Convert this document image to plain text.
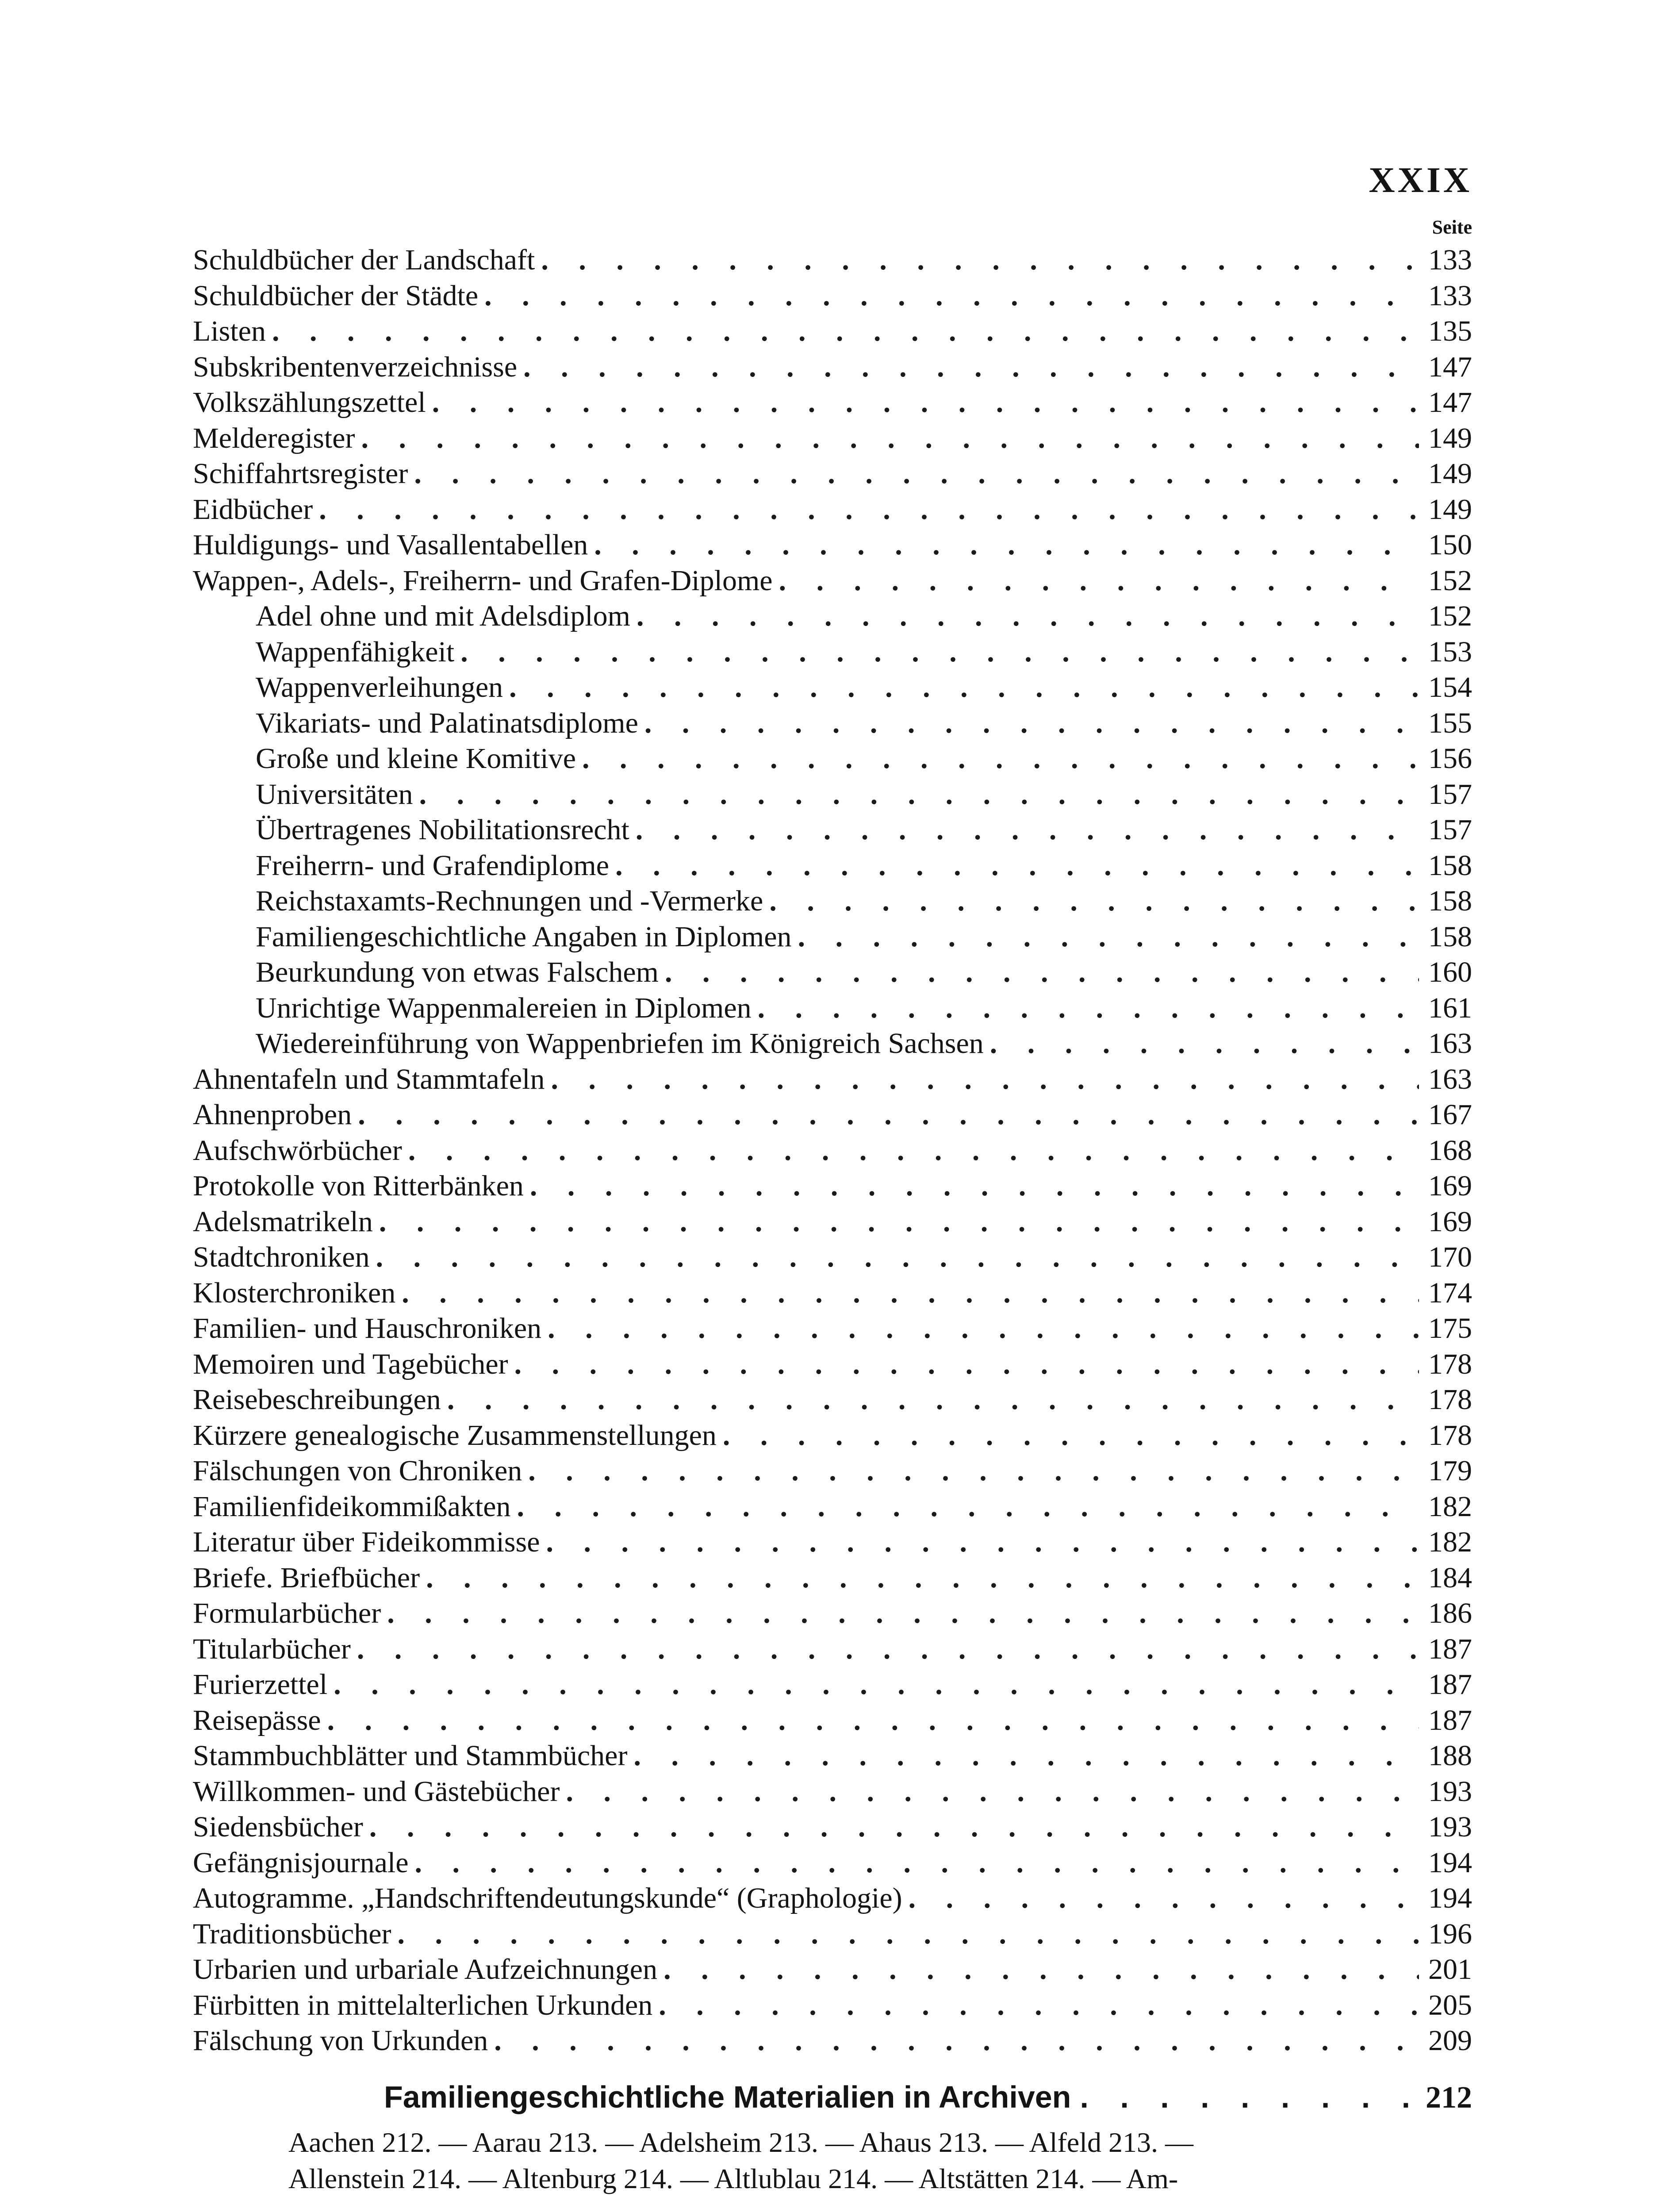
XXIX
Seite
Schuldbücher der Landschaft . . .	133
Schuldbücher der Städte . . .	133
Listen . . .	135
Subskribentenverzeichnisse . . .	147
Volkszählungszettel . . .	147
Melderegister . . .	149
Schiffahrtsregister . . .	149
Eidbücher . . .	149
Huldigungs- und Vasallentabellen . . .	150
Wappen-, Adels-, Freiherrn- und Grafen-Diplome . . .	152
Adel ohne und mit Adelsdiplom . . .	152
Wappenfähigkeit . . .	153
Wappenverleihungen . . .	154
Vikariats- und Palatinatsdiplome . . .	155
Große und kleine Komitive . . .	156
Universitäten . . .	157
Übertragenes Nobilitationsrecht . . .	157
Freiherrn- und Grafendiplome . . .	158
Reichstaxamts-Rechnungen und -Vermerke . . .	158
Familiengeschichtliche Angaben in Diplomen . . .	158
Beurkundung von etwas Falschem . . .	160
Unrichtige Wappenmalereien in Diplomen . . .	161
Wiedereinführung von Wappenbriefen im Königreich Sachsen . . .	163
Ahnentafeln und Stammtafeln . . .	163
Ahnenproben . . .	167
Aufschwörbücher . . .	168
Protokolle von Ritterbänken . . .	169
Adelsmatrikeln . . .	169
Stadtchroniken . . .	170
Klosterchroniken . . .	174
Familien- und Hauschroniken . . .	175
Memoiren und Tagebücher . . .	178
Reisebeschreibungen . . .	178
Kürzere genealogische Zusammenstellungen . . .	178
Fälschungen von Chroniken . . .	179
Familienfideikommißakten . . .	182
Literatur über Fideikommisse . . .	182
Briefe. Briefbücher . . .	184
Formularbücher . . .	186
Titularbücher . . .	187
Furierzettel . . .	187
Reisepässe . . .	187
Stammbuchblätter und Stammbücher . . .	188
Willkommen- und Gästebücher . . .	193
Siedensbücher . . .	193
Gefängnisjournale . . .	194
Autogramme. „Handschriftendeutungskunde“ (Graphologie) . . .	194
Traditionsbücher . . .	196
Urbarien und urbariale Aufzeichnungen . . .	201
Fürbitten in mittelalterlichen Urkunden . . .	205
Fälschung von Urkunden . . .	209
Familiengeschichtliche Materialien in Archiven . . .	212
Aachen 212. — Aarau 213. — Adelsheim 213. — Ahaus 213. — Alfeld 213. —
Allenstein 214. — Altenburg 214. — Altlublau 214. — Altstätten 214. — Am-
